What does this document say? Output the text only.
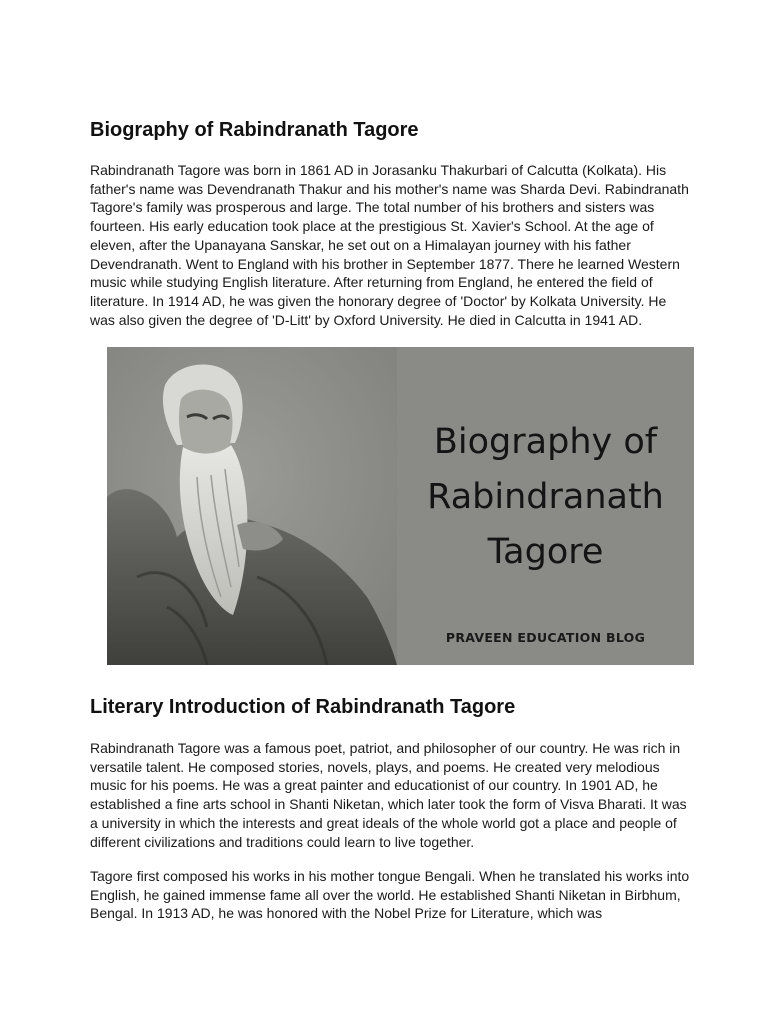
Biography of Rabindranath Tagore

Rabindranath Tagore was born in 1861 AD in Jorasanku Thakurbari of Calcutta (Kolkata). His father's name was Devendranath Thakur and his mother's name was Sharda Devi. Rabindranath Tagore's family was prosperous and large. The total number of his brothers and sisters was fourteen. His early education took place at the prestigious St. Xavier's School. At the age of eleven, after the Upanayana Sanskar, he set out on a Himalayan journey with his father Devendranath. Went to England with his brother in September 1877. There he learned Western music while studying English literature. After returning from England, he entered the field of literature. In 1914 AD, he was given the honorary degree of 'Doctor' by Kolkata University. He was also given the degree of 'D-Litt' by Oxford University. He died in Calcutta in 1941 AD.

Biography of
Rabindranath
Tagore
PRAVEEN EDUCATION BLOG
Literary Introduction of Rabindranath Tagore

Rabindranath Tagore was a famous poet, patriot, and philosopher of our country. He was rich in versatile talent. He composed stories, novels, plays, and poems. He created very melodious music for his poems. He was a great painter and educationist of our country. In 1901 AD, he established a fine arts school in Shanti Niketan, which later took the form of Visva Bharati. It was a university in which the interests and great ideals of the whole world got a place and people of different civilizations and traditions could learn to live together.

Tagore first composed his works in his mother tongue Bengali. When he translated his works into English, he gained immense fame all over the world. He established Shanti Niketan in Birbhum, Bengal. In 1913 AD, he was honored with the Nobel Prize for Literature, which was
